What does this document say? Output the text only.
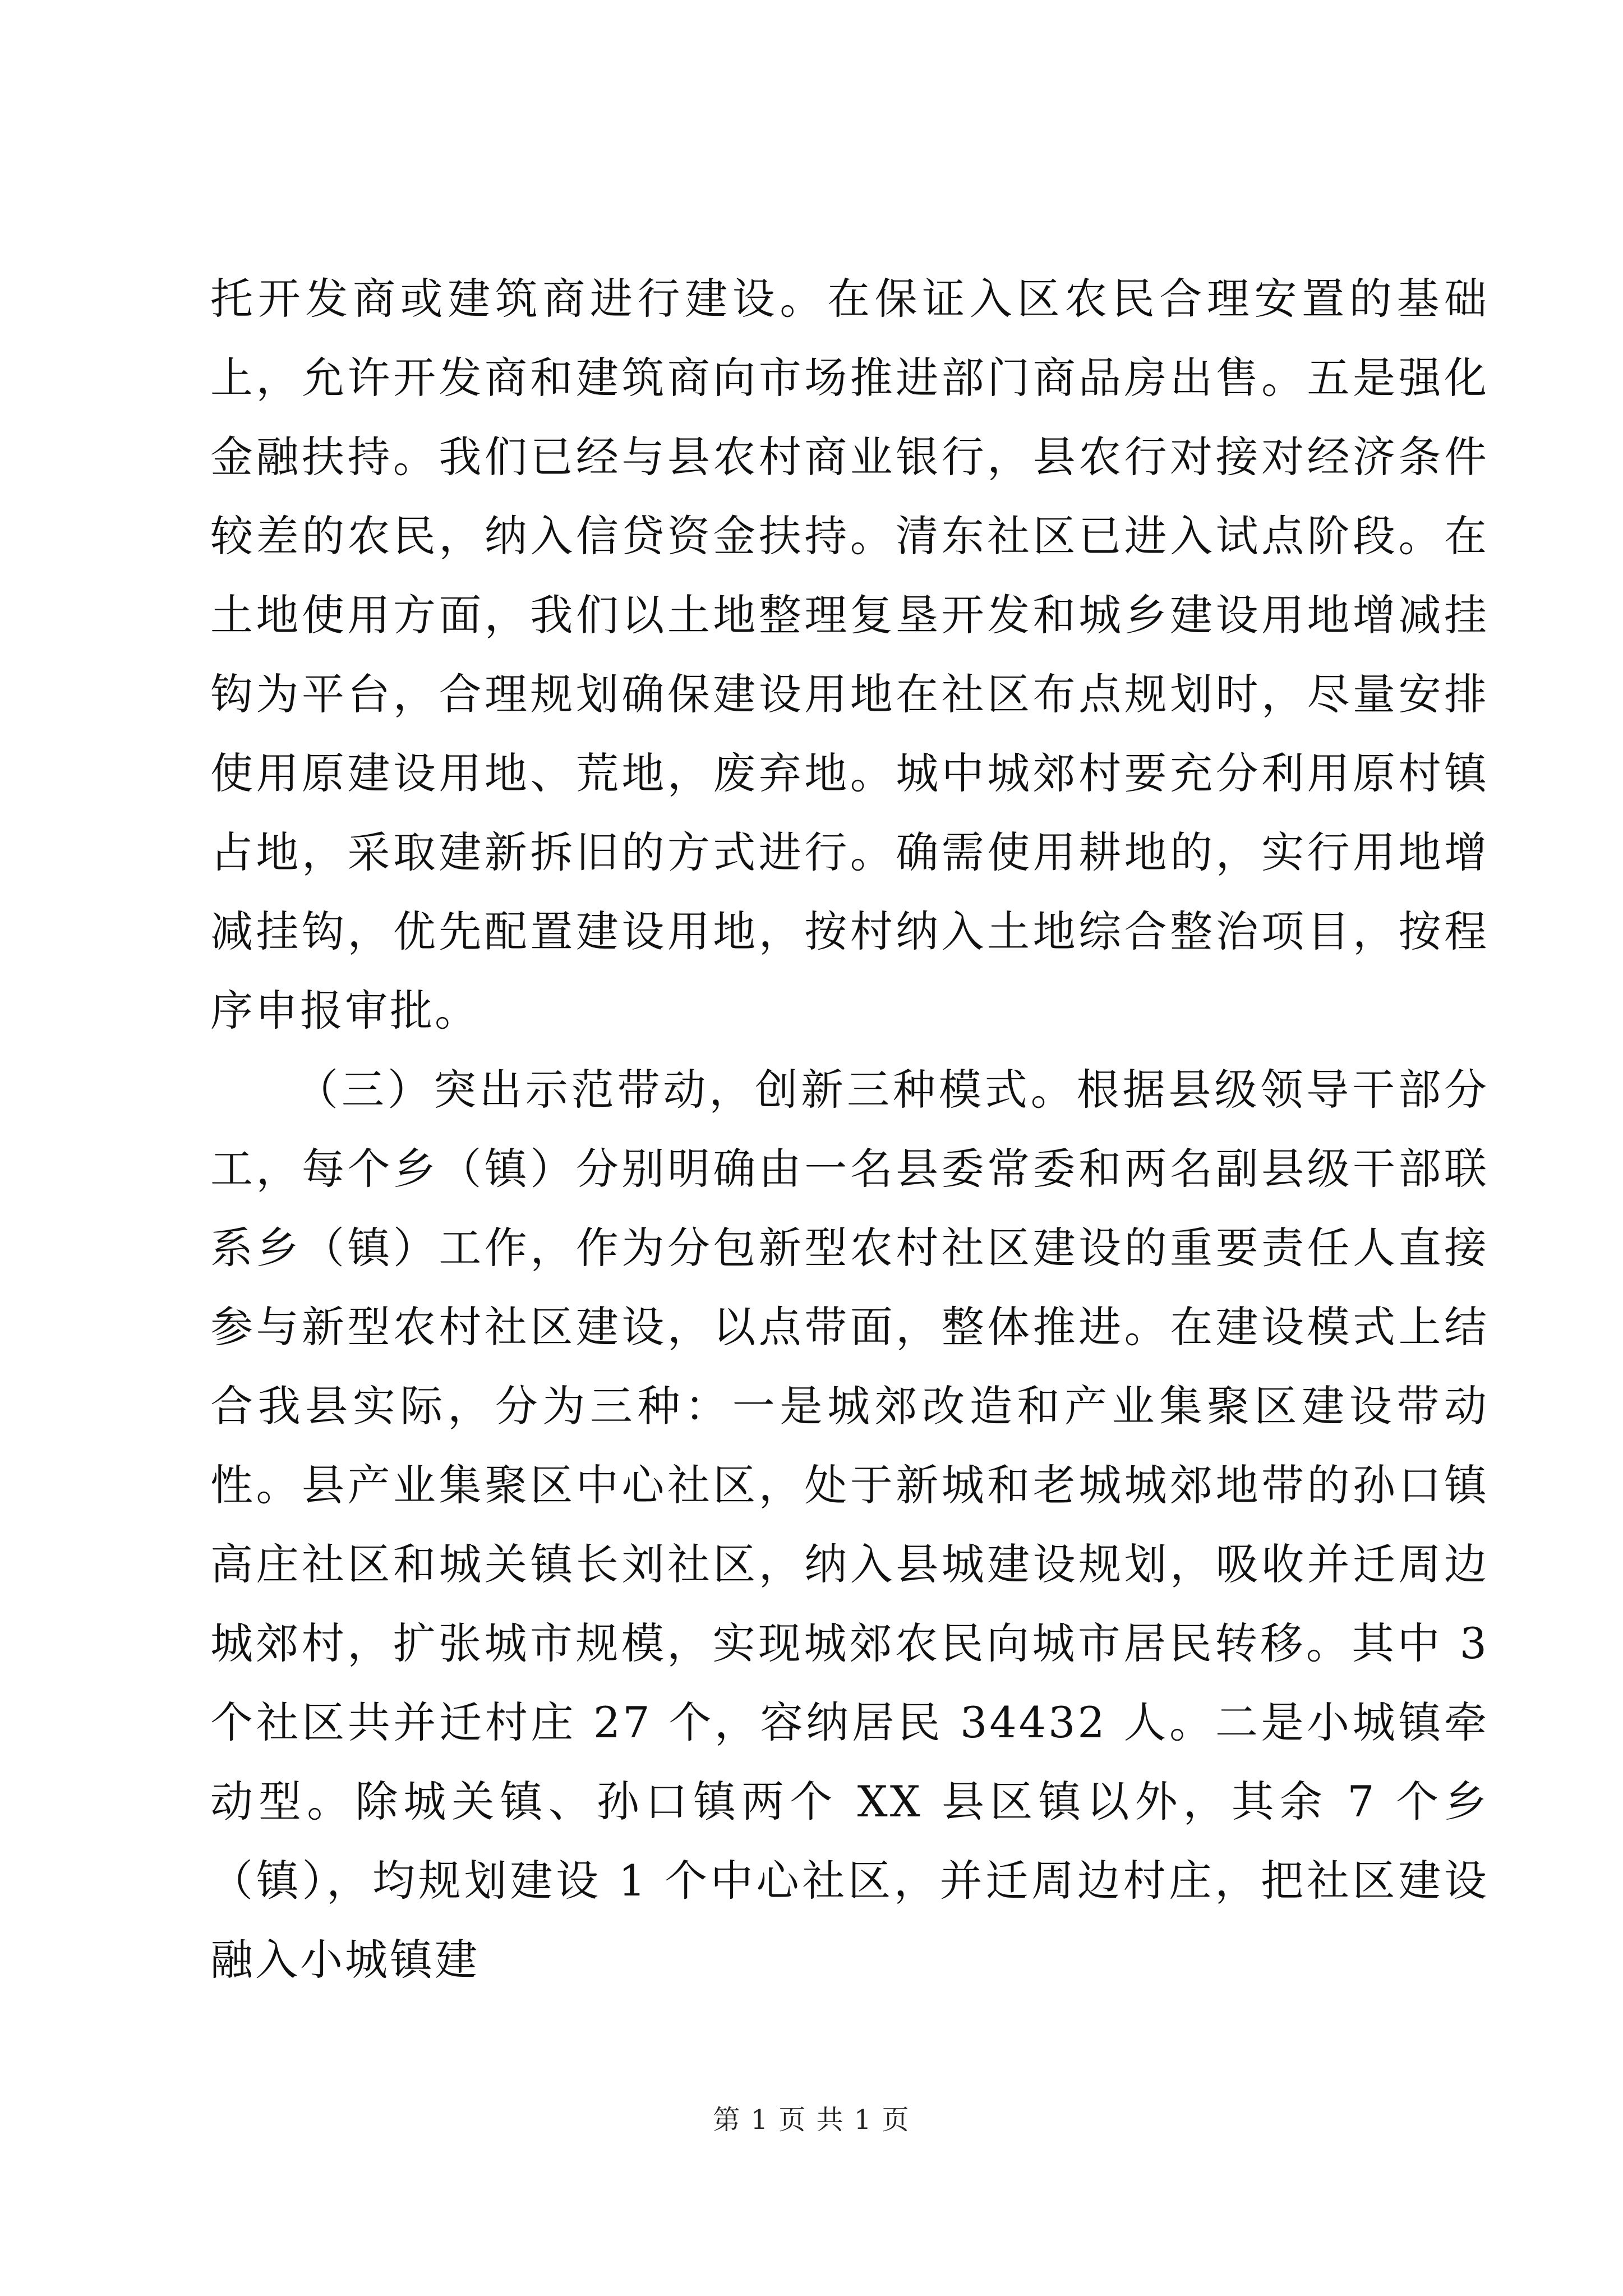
托开发商或建筑商进行建设。在保证入区农民合理安置的基础上，允许开发商和建筑商向市场推进部门商品房出售。五是强化金融扶持。我们已经与县农村商业银行，县农行对接对经济条件较差的农民，纳入信贷资金扶持。清东社区已进入试点阶段。在土地使用方面，我们以土地整理复垦开发和城乡建设用地增减挂钩为平台，合理规划确保建设用地在社区布点规划时，尽量安排使用原建设用地、荒地，废弃地。城中城郊村要充分利用原村镇占地，采取建新拆旧的方式进行。确需使用耕地的，实行用地增减挂钩，优先配置建设用地，按村纳入土地综合整治项目，按程序申报审批。

（三）突出示范带动，创新三种模式。根据县级领导干部分工，每个乡（镇）分别明确由一名县委常委和两名副县级干部联系乡（镇）工作，作为分包新型农村社区建设的重要责任人直接参与新型农村社区建设，以点带面，整体推进。在建设模式上结合我县实际，分为三种：一是城郊改造和产业集聚区建设带动性。县产业集聚区中心社区，处于新城和老城城郊地带的孙口镇高庄社区和城关镇长刘社区，纳入县城建设规划，吸收并迁周边城郊村，扩张城市规模，实现城郊农民向城市居民转移。其中 3 个社区共并迁村庄 27 个，容纳居民 34432 人。二是小城镇牵动型。除城关镇、孙口镇两个 XX 县区镇以外，其余 7 个乡（镇），均规划建设 1 个中心社区，并迁周边村庄，把社区建设融入小城镇建

第 1 页 共 1 页
